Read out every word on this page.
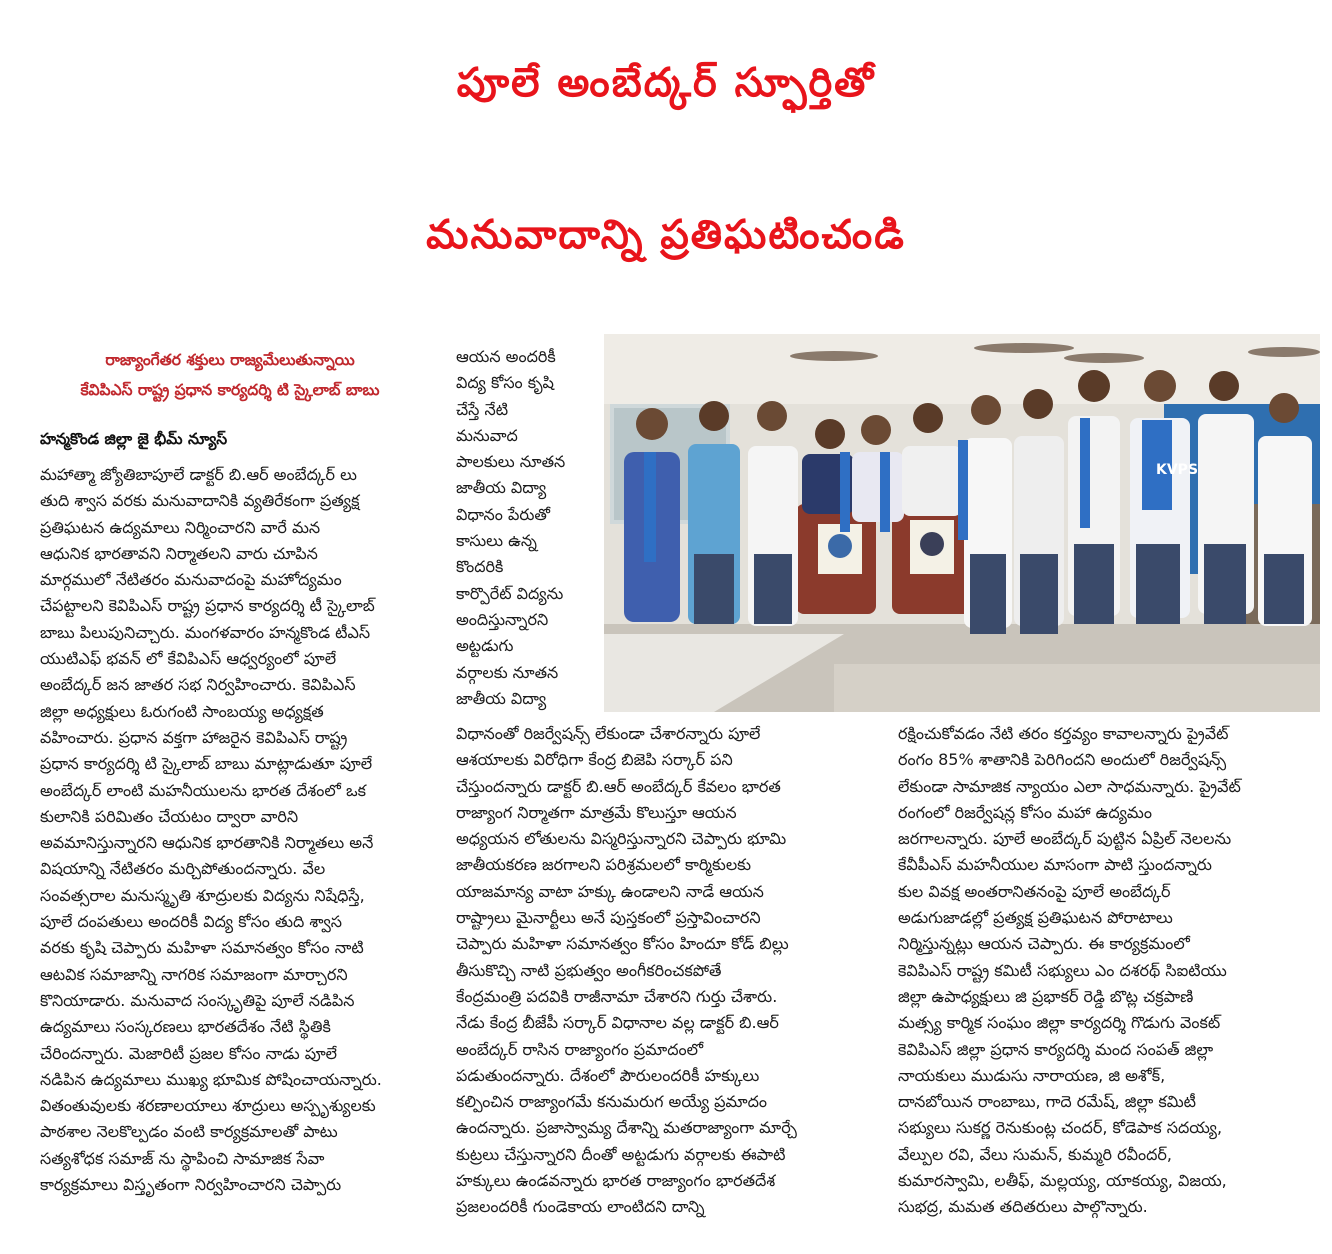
పూలే అంబేద్కర్ స్ఫూర్తితో
మనువాదాన్ని ప్రతిఘటించండి
రాజ్యాంగేతర శక్తులు రాజ్యమేలుతున్నాయి
కేవిపిఎస్ రాష్ట్ర ప్రధాన కార్యదర్శి టి స్కైలాబ్ బాబు
హన్మకొండ జిల్లా జై భీమ్ న్యూస్

మహాత్మా జ్యోతిబాపూలే డాక్టర్ బి.ఆర్ అంబేద్కర్ లు

తుది శ్వాస వరకు మనువాదానికి వ్యతిరేకంగా ప్రత్యక్ష

ప్రతిఘటన ఉద్యమాలు నిర్మించారని వారే మన

ఆధునిక భారతావని నిర్మాతలని వారు చూపిన

మార్గములో నేటితరం మనువాదంపై మహోద్యమం

చేపట్టాలని కెవిపిఎస్ రాష్ట్ర ప్రధాన కార్యదర్శి టీ స్కైలాబ్

బాబు పిలుపునిచ్చారు. మంగళవారం హన్మకొండ టీఎస్

యుటిఎఫ్ భవన్ లో కేవిపిఎస్ ఆధ్వర్యంలో పూలే

అంబేద్కర్ జన జాతర సభ నిర్వహించారు. కెవిపిఎస్

జిల్లా అధ్యక్షులు ఓరుగంటి సాంబయ్య అధ్యక్షత

వహించారు. ప్రధాన వక్తగా హాజరైన కెవిపిఎస్ రాష్ట్ర

ప్రధాన కార్యదర్శి టి స్కైలాబ్ బాబు మాట్లాడుతూ పూలే

అంబేద్కర్ లాంటి మహనీయులను భారత దేశంలో ఒక

కులానికి పరిమితం చేయటం ద్వారా వారిని

అవమానిస్తున్నారని ఆధునిక భారతానికి నిర్మాతలు అనే

విషయాన్ని నేటితరం మర్చిపోతుందన్నారు. వేల

సంవత్సరాల మనుస్మృతి శూద్రులకు విద్యను నిషేధిస్తే,

పూలే దంపతులు అందరికీ విద్య కోసం తుది శ్వాస

వరకు కృషి చెప్పారు మహిళా సమానత్వం కోసం నాటి

ఆటవిక సమాజాన్ని నాగరిక సమాజంగా మార్చారని

కొనియాడారు. మనువాద సంస్కృతిపై పూలే నడిపిన

ఉద్యమాలు సంస్కరణలు భారతదేశం నేటి స్థితికి

చేరిందన్నారు. మెజారిటీ ప్రజల కోసం నాడు పూలే

నడిపిన ఉద్యమాలు ముఖ్య భూమిక పోషించాయన్నారు.

వితంతువులకు శరణాలయాలు శూద్రులు అస్పృశ్యులకు

పాఠశాల నెలకొల్పడం వంటి కార్యక్రమాలతో పాటు

సత్యశోధక సమాజ్ ను స్థాపించి సామాజిక సేవా

కార్యక్రమాలు విస్తృతంగా నిర్వహించారని చెప్పారు

ఆయన అందరికీ

విద్య కోసం కృషి

చేస్తే నేటి

మనువాద

పాలకులు నూతన

జాతీయ విద్యా

విధానం పేరుతో

కాసులు ఉన్న

కొందరికి

కార్పొరేట్ విద్యను

అందిస్తున్నారని

అట్టడుగు

వర్గాలకు నూతన

జాతీయ విద్యా

విధానంతో రిజర్వేషన్స్ లేకుండా చేశారన్నారు పూలే

ఆశయాలకు విరోధిగా కేంద్ర బిజెపి సర్కార్ పని

చేస్తుందన్నారు డాక్టర్ బి.ఆర్ అంబేద్కర్ కేవలం భారత

రాజ్యాంగ నిర్మాతగా మాత్రమే కొలుస్తూ ఆయన

అధ్యయన లోతులను విస్మరిస్తున్నారని చెప్పారు భూమి

జాతీయకరణ జరగాలని పరిశ్రమలలో కార్మికులకు

యాజమాన్య వాటా హక్కు ఉండాలని నాడే ఆయన

రాష్ట్రాలు మైనార్టీలు అనే పుస్తకంలో ప్రస్తావించారని

చెప్పారు మహిళా సమానత్వం కోసం హిందూ కోడ్ బిల్లు

తీసుకొచ్చి నాటి ప్రభుత్వం అంగీకరించకపోతే

కేంద్రమంత్రి పదవికి రాజీనామా చేశారని గుర్తు చేశారు.

నేడు కేంద్ర బీజేపీ సర్కార్ విధానాల వల్ల డాక్టర్ బి.ఆర్

అంబేద్కర్ రాసిన రాజ్యాంగం ప్రమాదంలో

పడుతుందన్నారు. దేశంలో పౌరులందరికీ హక్కులు

కల్పించిన రాజ్యాంగమే కనుమరుగ అయ్యే ప్రమాదం

ఉందన్నారు. ప్రజాస్వామ్య దేశాన్ని మతరాజ్యాంగా మార్చే

కుట్రలు చేస్తున్నారని దీంతో అట్టడుగు వర్గాలకు ఈపాటి

హక్కులు ఉండవన్నారు భారత రాజ్యాంగం భారతదేశ

ప్రజలందరికీ గుండెకాయ లాంటిదని దాన్ని

రక్షించుకోవడం నేటి తరం కర్తవ్యం కావాలన్నారు ప్రైవేట్

రంగం 85% శాతానికి పెరిగిందని అందులో రిజర్వేషన్స్

లేకుండా సామాజిక న్యాయం ఎలా సాధమన్నారు. ప్రైవేట్

రంగంలో రిజర్వేషన్ల కోసం మహా ఉద్యమం

జరగాలన్నారు. పూలే అంబేద్కర్ పుట్టిన ఏప్రిల్ నెలలను

కేవీపీఎస్ మహనీయుల మాసంగా పాటి స్తుందన్నారు

కుల వివక్ష అంతరానితనంపై పూలే అంబేద్కర్

అడుగుజాడల్లో ప్రత్యక్ష ప్రతిఘటన పోరాటాలు

నిర్మిస్తున్నట్లు ఆయన చెప్పారు. ఈ కార్యక్రమంలో

కెవిపిఎస్ రాష్ట్ర కమిటీ సభ్యులు ఎం దశరథ్ సిఐటియు

జిల్లా ఉపాధ్యక్షులు జి ప్రభాకర్ రెడ్డి బొట్ల చక్రపాణి

మత్స్య కార్మిక సంఘం జిల్లా కార్యదర్శి గొడుగు వెంకట్

కెవిపిఎస్ జిల్లా ప్రధాన కార్యదర్శి మంద సంపత్ జిల్లా

నాయకులు ముడుసు నారాయణ, జి అశోక్,

దానబోయిన రాంబాబు, గాదె రమేష్, జిల్లా కమిటీ

సభ్యులు సుకర్ణ రెనుకుంట్ల చందర్, కోడెపాక సదయ్య,

వేల్పుల రవి, వేలు సుమన్, కుమ్మరి రవీందర్,

కుమారస్వామి, లతీఫ్, మల్లయ్య, యాకయ్య, విజయ,

సుభద్ర, మమత తదితరులు పాల్గొన్నారు.

KVPS
